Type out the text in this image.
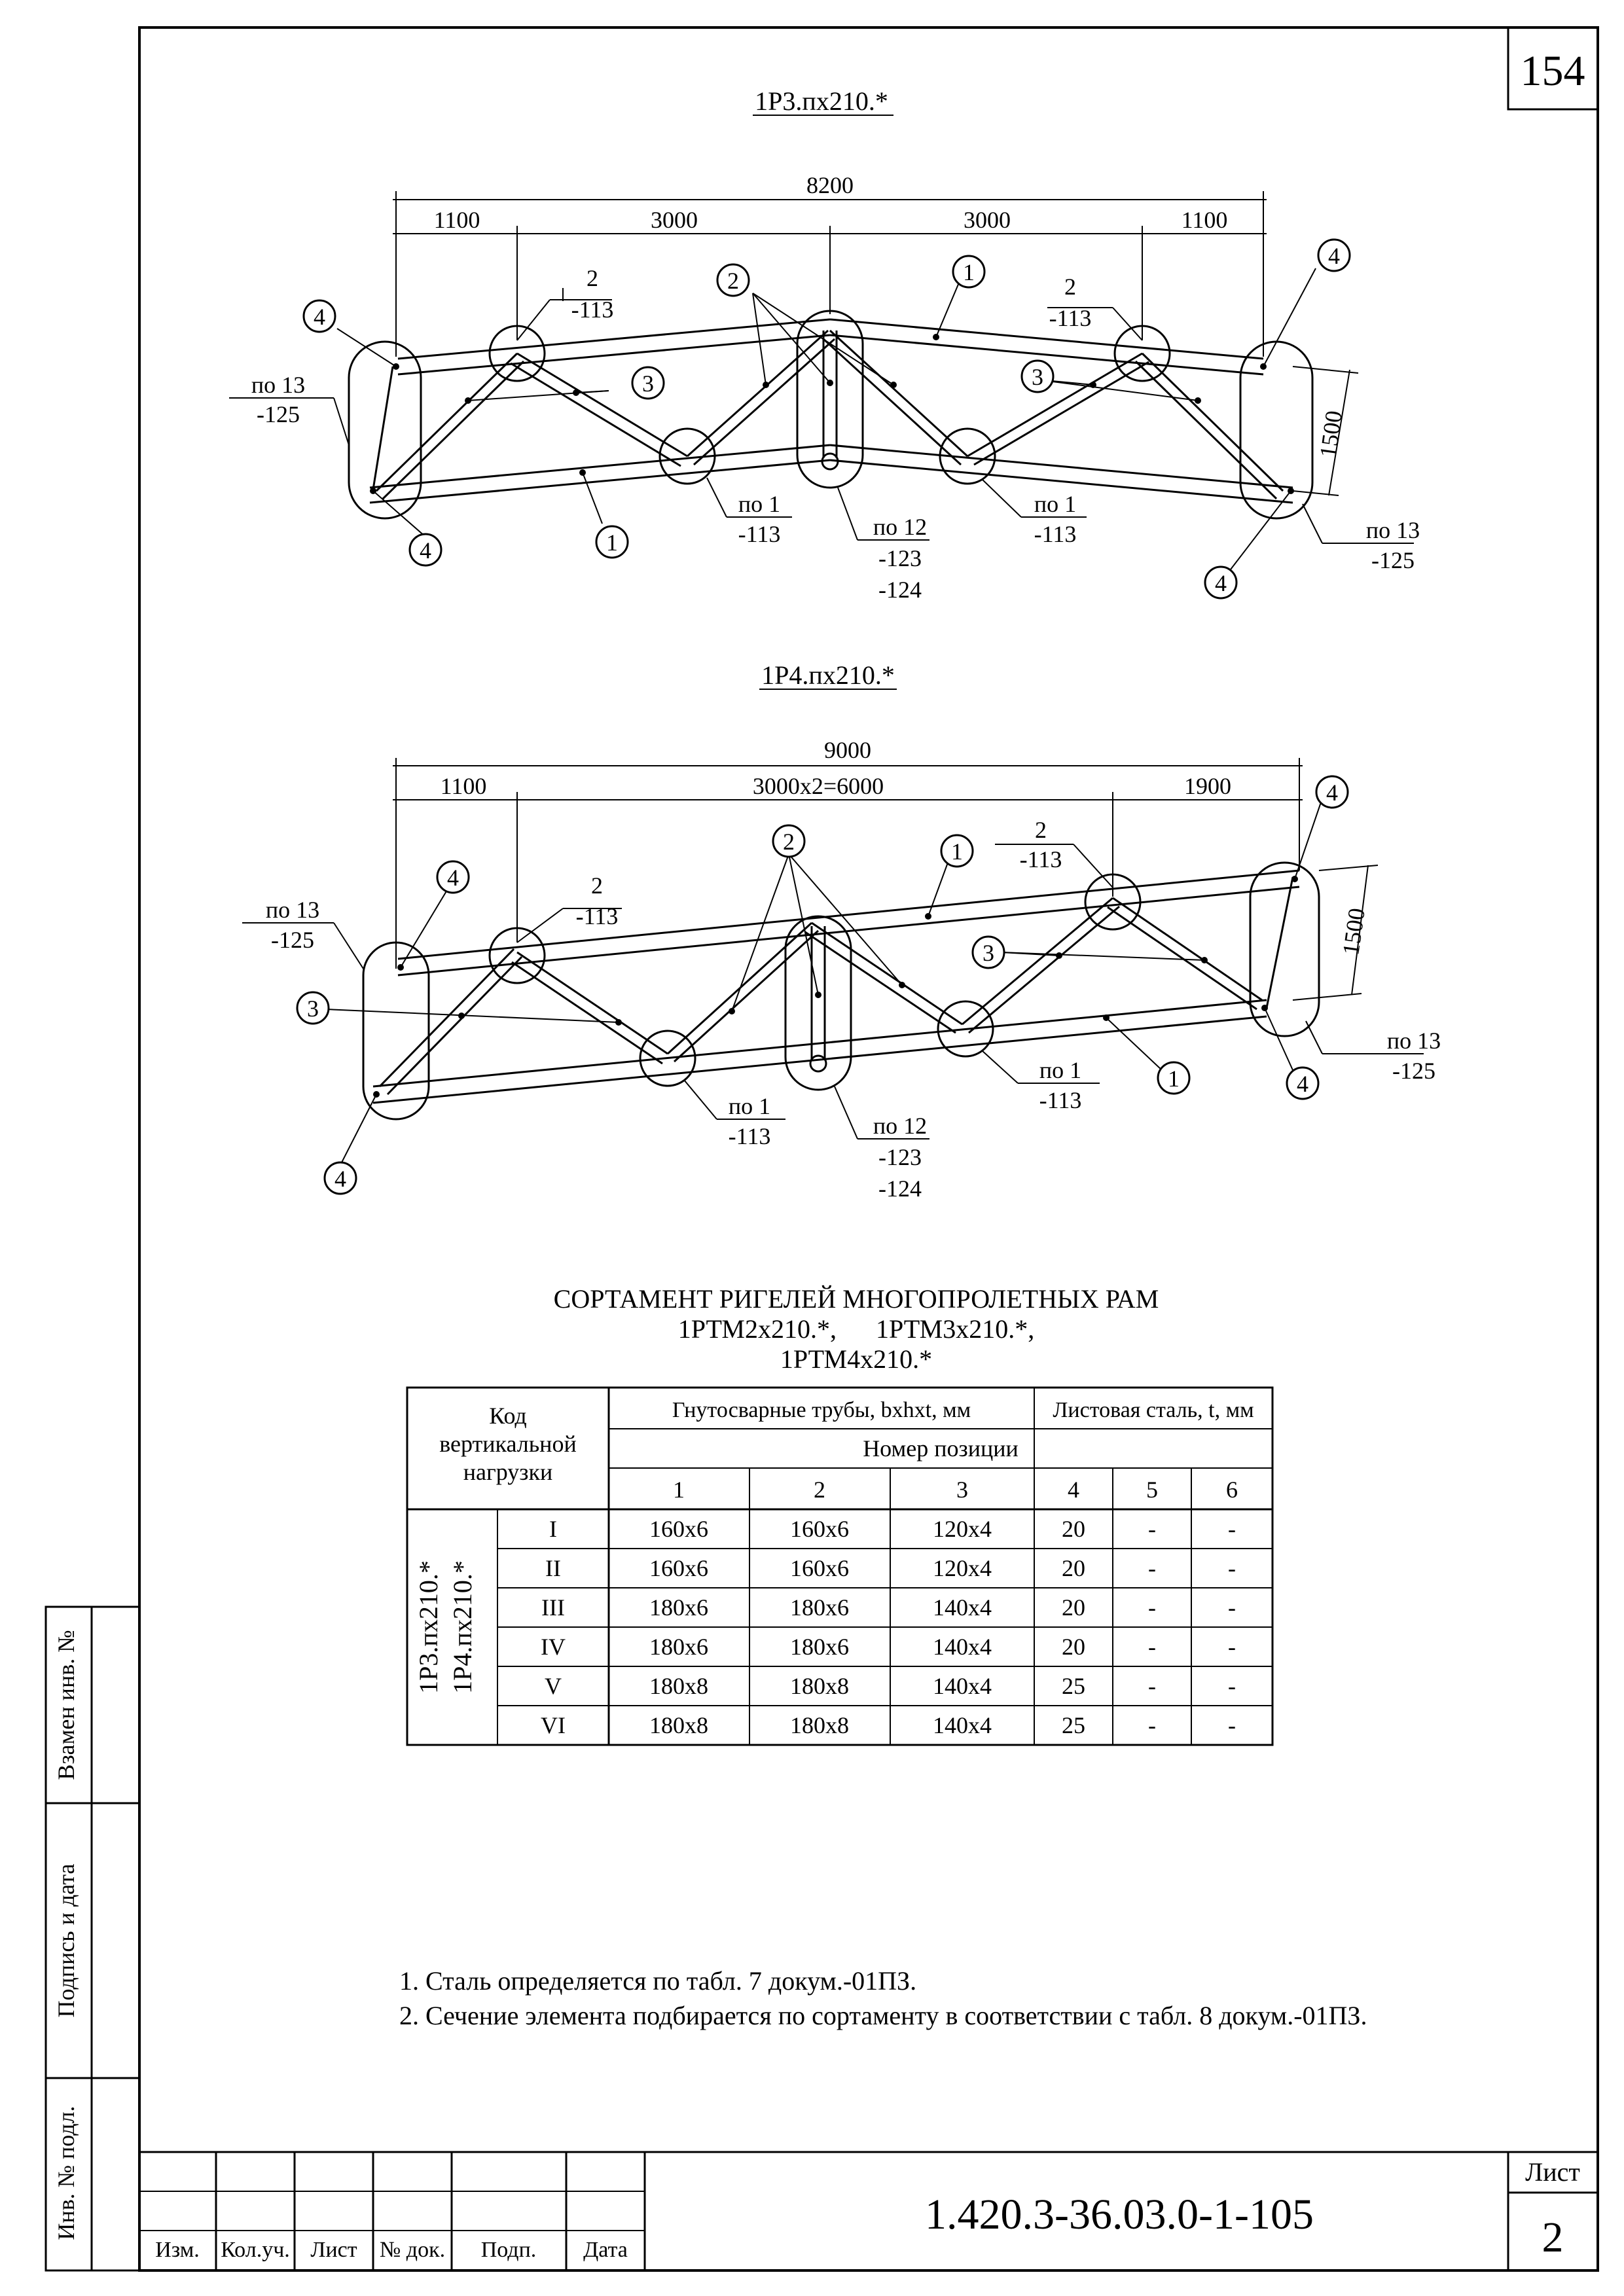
154
Взамен инв. №
Подпись и дата
Инв. № подл.
Изм. Кол.уч. Лист № док. Подп. Дата
1.420.3-36.03.0-1-105
Лист
2
1Р3.пх210.*
8200
1100	3000	3000	1100
2	1
4
4
3	3
4	1
4
2
-113
2
-113
по 13
-125
по 13
-125
по 1
-113
по 1
-113
по 12
-123
-124
1500
1Р4.пх210.*
9000
1100	3000x2=6000	1900
2	1
4
4
3
3
4
1	4
2
-113
2
-113
по 13
-125
по 13
-125
по 1
-113
по 1
-113
по 12
-123
-124
1500
СОРТАМЕНТ РИГЕЛЕЙ МНОГОПРОЛЕТНЫХ РАМ
1РТМ2х210.*,      1РТМ3х210.*,
1РТМ4х210.*
Код
вертикальной
нагрузки
Гнутосварные трубы, bxhxt, мм	Листовая сталь, t, мм
Номер позиции
1	2	3	4	5	6
1Р3.пх210.* 1Р4.пх210.*
I	160х6	160х6	120х4	20	-	-
II	160х6	160х6	120х4	20	-	-
III	180х6	180х6	140х4	20	-	-
IV	180х6	180х6	140х4	20	-	-
V	180х8	180х8	140х4	25	-	-
VI	180х8	180х8	140х4	25	-	-
1. Сталь определяется по табл. 7 докум.-01ПЗ.
2. Сечение элемента подбирается по сортаменту в соответствии с табл. 8 докум.-01ПЗ.
